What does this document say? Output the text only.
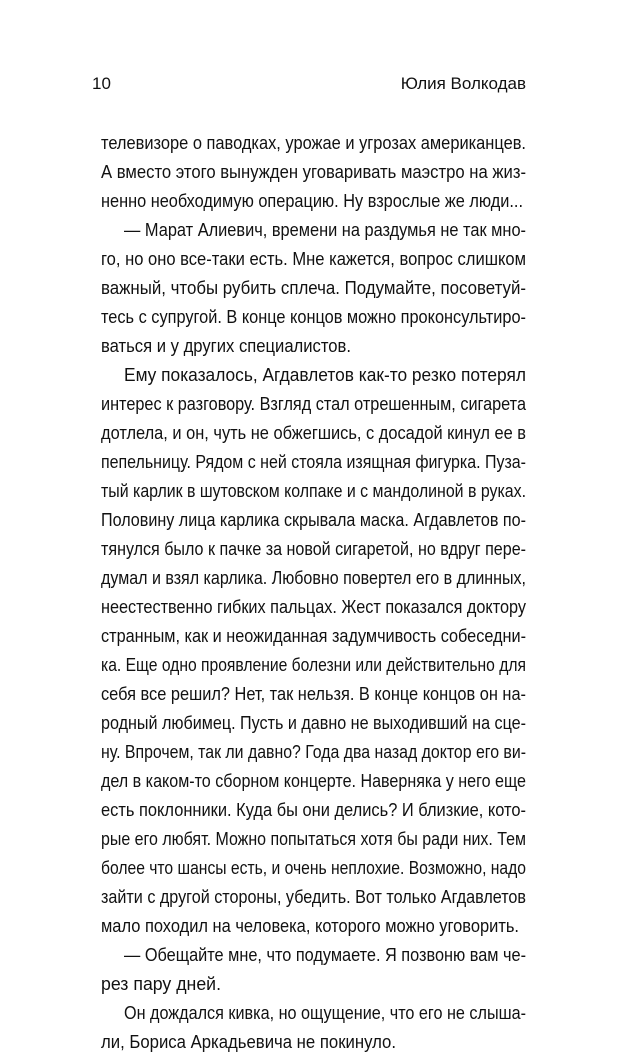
10	Юлия Волкодав
телевизоре о паводках, урожае и угрозах американцев.
А вместо этого вынужден уговаривать маэстро на жиз-
ненно необходимую операцию. Ну взрослые же люди...
— Марат Алиевич, времени на раздумья не так мно-
го, но оно все-таки есть. Мне кажется, вопрос слишком
важный, чтобы рубить сплеча. Подумайте, посоветуй-
тесь с супругой. В конце концов можно проконсультиро-
ваться и у других специалистов.
Ему показалось, Агдавлетов как-то резко потерял
интерес к разговору. Взгляд стал отрешенным, сигарета
дотлела, и он, чуть не обжегшись, с досадой кинул ее в
пепельницу. Рядом с ней стояла изящная фигурка. Пуза-
тый карлик в шутовском колпаке и с мандолиной в руках.
Половину лица карлика скрывала маска. Агдавлетов по-
тянулся было к пачке за новой сигаретой, но вдруг пере-
думал и взял карлика. Любовно повертел его в длинных,
неестественно гибких пальцах. Жест показался доктору
странным, как и неожиданная задумчивость собеседни-
ка. Еще одно проявление болезни или действительно для
себя все решил? Нет, так нельзя. В конце концов он на-
родный любимец. Пусть и давно не выходивший на сце-
ну. Впрочем, так ли давно? Года два назад доктор его ви-
дел в каком-то сборном концерте. Наверняка у него еще
есть поклонники. Куда бы они делись? И близкие, кото-
рые его любят. Можно попытаться хотя бы ради них. Тем
более что шансы есть, и очень неплохие. Возможно, надо
зайти с другой стороны, убедить. Вот только Агдавлетов
мало походил на человека, которого можно уговорить.
— Обещайте мне, что подумаете. Я позвоню вам че-
рез пару дней.
Он дождался кивка, но ощущение, что его не слыша-
ли, Бориса Аркадьевича не покинуло.
